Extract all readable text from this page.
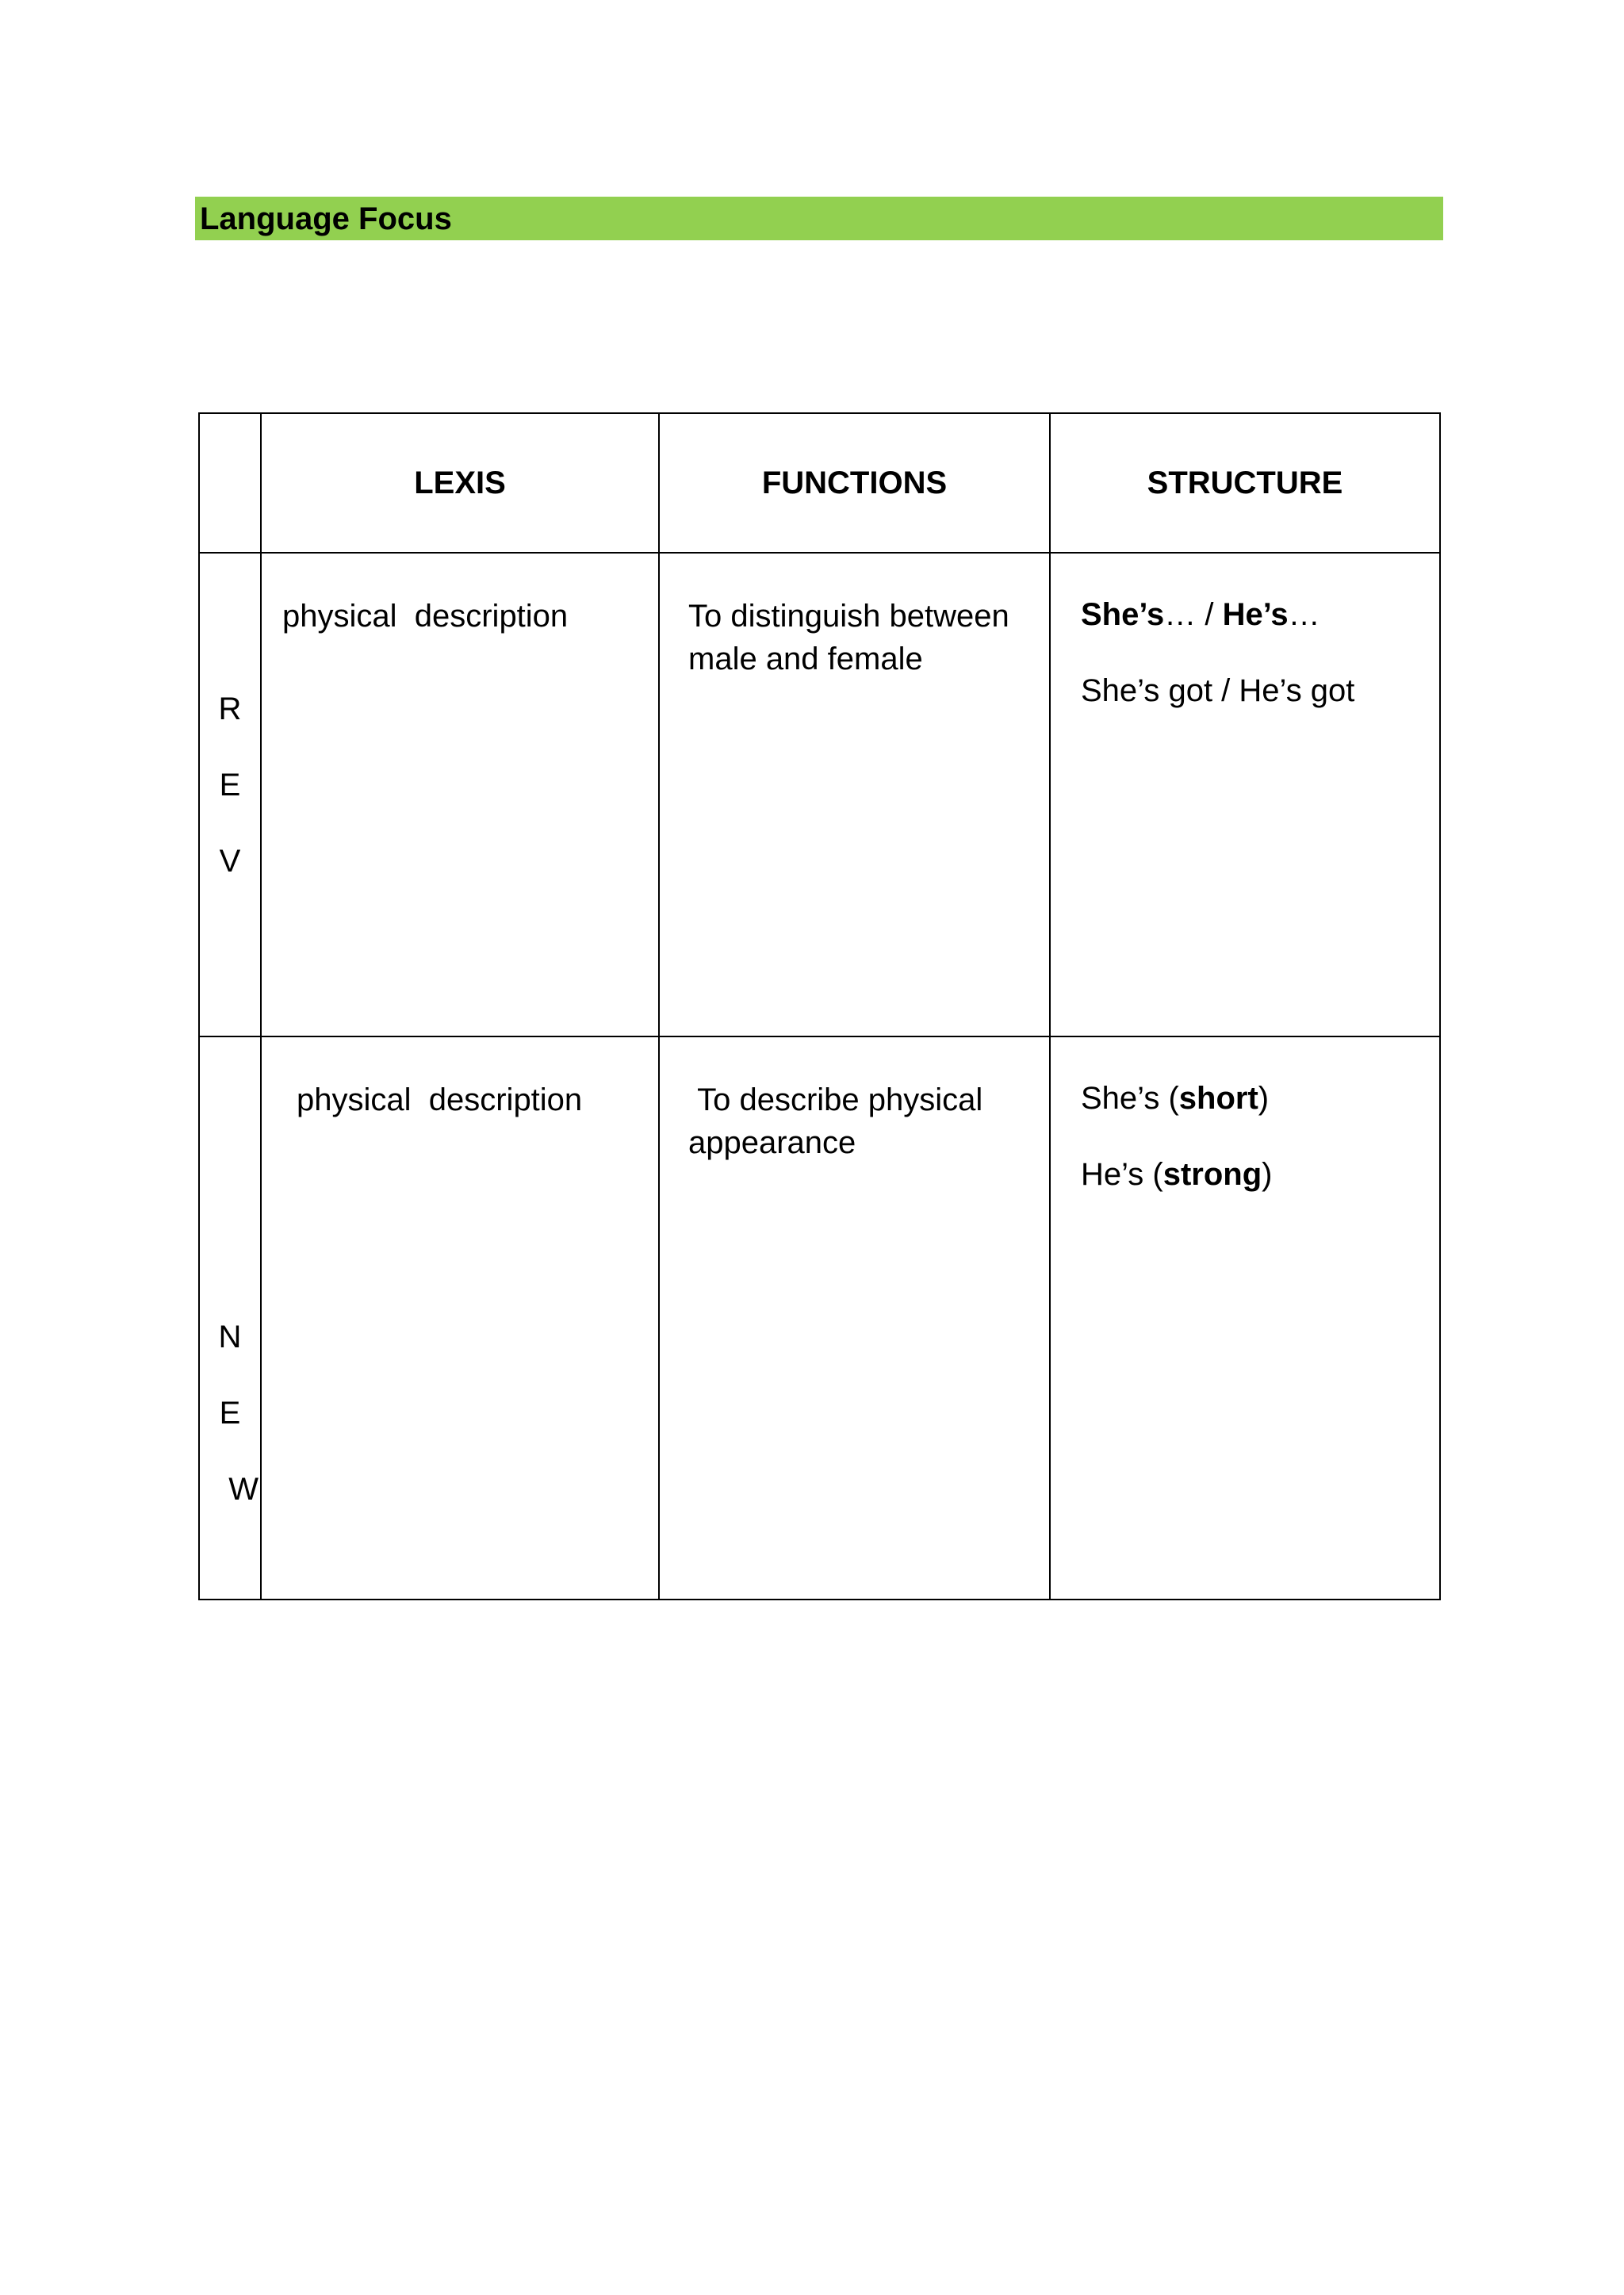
Language Focus
	LEXIS	FUNCTIONS	STRUCTURE

R
E
V	physical  description	To distinguish between male and female	She’s… / He’s…
She’s got / He’s got

N
E
W	physical  description	To describe physical appearance	She’s (short)
He’s (strong)
